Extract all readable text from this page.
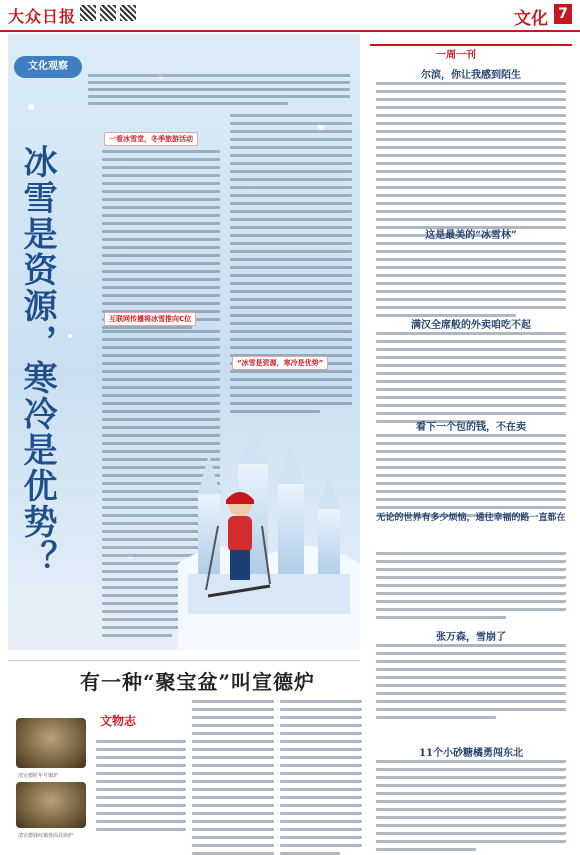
大众日报	文化 7
文化观察
冰雪是资源，寒冷是优势？
一看冰雪堂，冬季旅游活动
互联网传播将冰雪推向C位
“冰雪是资源，寒冷是优势”
一周一刊
尔滨，你让我感到陌生
这是最美的“冰雪林”
满汉全席般的外卖咱吃不起
看下一个包的钱，不在卖
无论的世界有多少烦恼，通往幸福的路一直都在
张万森，雪崩了
11个小砂糖橘勇闯东北
有一种“聚宝盆”叫宣德炉
文物志
清宣德时年号铜炉
清宣德钱纹铜兽面具鼎炉
